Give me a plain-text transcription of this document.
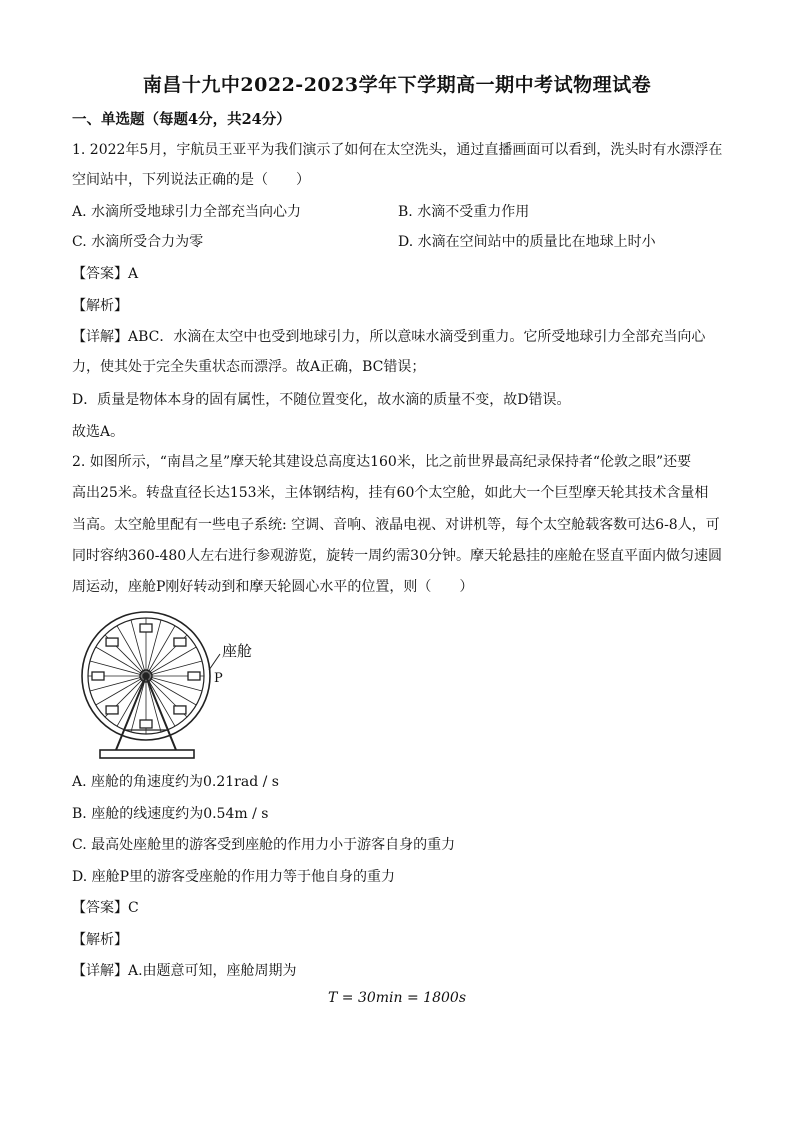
南昌十九中2022-2023学年下学期高一期中考试物理试卷
一、单选题（每题4分，共24分）
1. 2022年5月，宇航员王亚平为我们演示了如何在太空洗头，通过直播画面可以看到，洗头时有水漂浮在
空间站中，下列说法正确的是（　　）
A. 水滴所受地球引力全部充当向心力	B. 水滴不受重力作用
C. 水滴所受合力为零	D. 水滴在空间站中的质量比在地球上时小
【答案】A
【解析】
【详解】ABC．水滴在太空中也受到地球引力，所以意味水滴受到重力。它所受地球引力全部充当向心
力，使其处于完全失重状态而漂浮。故A正确，BC错误；
D．质量是物体本身的固有属性，不随位置变化，故水滴的质量不变，故D错误。
故选A。
2. 如图所示，“南昌之星”摩天轮其建设总高度达160米，比之前世界最高纪录保持者“伦敦之眼”还要
高出25米。转盘直径长达153米，主体钢结构，挂有60个太空舱，如此大一个巨型摩天轮其技术含量相
当高。太空舱里配有一些电子系统: 空调、音响、液晶电视、对讲机等，每个太空舱载客数可达6-8人，可
同时容纳360-480人左右进行参观游览，旋转一周约需30分钟。摩天轮悬挂的座舱在竖直平面内做匀速圆
周运动，座舱P刚好转动到和摩天轮圆心水平的位置，则（　　）
座舱
P
A. 座舱的角速度约为0.21rad / s
B. 座舱的线速度约为0.54m / s
C. 最高处座舱里的游客受到座舱的作用力小于游客自身的重力
D. 座舱P里的游客受座舱的作用力等于他自身的重力
【答案】C
【解析】
【详解】A.由题意可知，座舱周期为
T = 30min = 1800s
